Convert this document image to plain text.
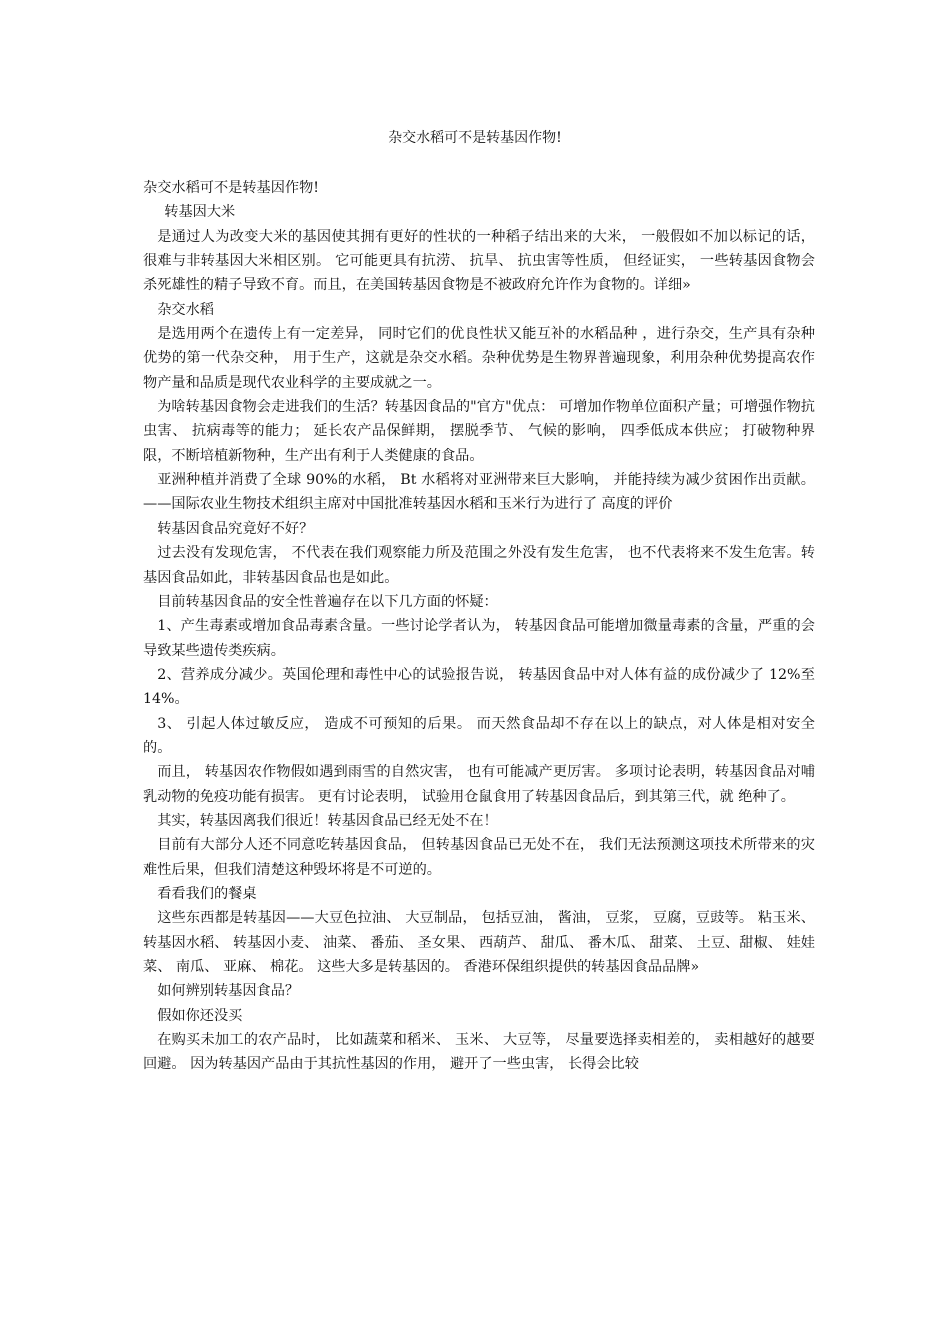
杂交水稻可不是转基因作物!

杂交水稻可不是转基因作物!

转基因大米

是通过人为改变大米的基因使其拥有更好的性状的一种稻子结出来的大米， 一般假如不加以标记的话， 很难与非转基因大米相区别。 它可能更具有抗涝、 抗旱、 抗虫害等性质， 但经证实， 一些转基因食物会杀死雄性的精子导致不育。而且，在美国转基因食物是不被政府允许作为食物的。详细»

杂交水稻

是选用两个在遗传上有一定差异， 同时它们的优良性状又能互补的水稻品种 ，进行杂交，生产具有杂种优势的第一代杂交种， 用于生产，这就是杂交水稻。杂种优势是生物界普遍现象，利用杂种优势提高农作 物产量和品质是现代农业科学的主要成就之一。

为啥转基因食物会走进我们的生活？转基因食品的"官方"优点： 可增加作物单位面积产量；可增强作物抗虫害、 抗病毒等的能力； 延长农产品保鲜期， 摆脱季节、 气候的影响， 四季低成本供应； 打破物种界限，不断培植新物种，生产出有利于人类健康的食品。

亚洲种植并消费了全球 90%的水稻， Bt 水稻将对亚洲带来巨大影响， 并能持续为减少贫困作出贡献。——国际农业生物技术组织主席对中国批准转基因水稻和玉米行为进行了 高度的评价

转基因食品究竟好不好？

过去没有发现危害， 不代表在我们观察能力所及范围之外没有发生危害， 也不代表将来不发生危害。转基因食品如此，非转基因食品也是如此。

目前转基因食品的安全性普遍存在以下几方面的怀疑：

1、产生毒素或增加食品毒素含量。一些讨论学者认为， 转基因食品可能增加微量毒素的含量，严重的会导致某些遗传类疾病。

2、营养成分减少。英国伦理和毒性中心的试验报告说， 转基因食品中对人体有益的成份减少了 12%至 14%。

3、 引起人体过敏反应， 造成不可预知的后果。 而天然食品却不存在以上的缺点，对人体是相对安全的。

而且， 转基因农作物假如遇到雨雪的自然灾害， 也有可能减产更厉害。 多项讨论表明，转基因食品对哺乳动物的免疫功能有损害。 更有讨论表明， 试验用仓鼠食用了转基因食品后，到其第三代，就 绝种了。

其实，转基因离我们很近！转基因食品已经无处不在！

目前有大部分人还不同意吃转基因食品， 但转基因食品已无处不在， 我们无法预测这项技术所带来的灾难性后果，但我们清楚这种毁坏将是不可逆的。

看看我们的餐桌

这些东西都是转基因——大豆色拉油、 大豆制品， 包括豆油， 酱油， 豆浆， 豆腐，豆豉等。 粘玉米、 转基因水稻、 转基因小麦、 油菜、 番茄、 圣女果、 西葫芦、 甜瓜、 番木瓜、 甜菜、 土豆、甜椒、 娃娃菜、 南瓜、 亚麻、 棉花。 这些大多是转基因的。 香港环保组织提供的转基因食品品牌»

如何辨别转基因食品？

假如你还没买

在购买未加工的农产品时， 比如蔬菜和稻米、 玉米、 大豆等， 尽量要选择卖相差的， 卖相越好的越要回避。 因为转基因产品由于其抗性基因的作用， 避开了一些虫害， 长得会比较
